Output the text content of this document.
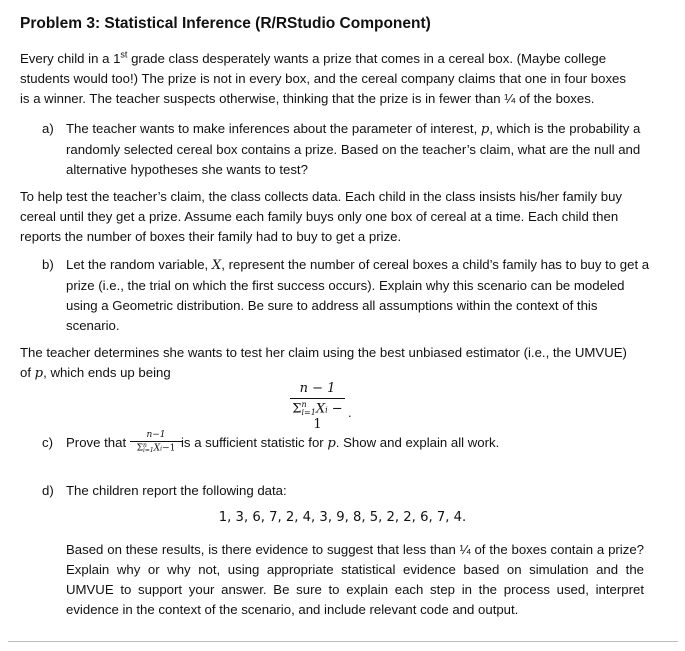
Problem 3: Statistical Inference (R/RStudio Component)
Every child in a 1st grade class desperately wants a prize that comes in a cereal box. (Maybe college
students would too!) The prize is not in every box, and the cereal company claims that one in four boxes
is a winner. The teacher suspects otherwise, thinking that the prize is in fewer than ¼ of the boxes.
a) The teacher wants to make inferences about the parameter of interest, p, which is the probability a randomly selected cereal box contains a prize. Based on the teacher’s claim, what are the null and alternative hypotheses she wants to test?
To help test the teacher’s claim, the class collects data. Each child in the class insists his/her family buy cereal until they get a prize. Assume each family buys only one box of cereal at a time. Each child then reports the number of boxes their family had to buy to get a prize.
b) Let the random variable, X, represent the number of cereal boxes a child’s family has to buy to get a prize (i.e., the trial on which the first success occurs). Explain why this scenario can be modeled using a Geometric distribution. Be sure to address all assumptions within the context of this scenario.
The teacher determines she wants to test her claim using the best unbiased estimator (i.e., the UMVUE)
of p, which ends up being
n − 1
Σn
i=1Xi − 1
.
c) Prove that	n−1
Σn
i=1Xi−1 is a sufficient statistic for p. Show and explain all work.
d) The children report the following data:
1, 3, 6, 7, 2, 4, 3, 9, 8, 5, 2, 2, 6, 7, 4.
Based on these results, is there evidence to suggest that less than ¼ of the boxes contain a prize? Explain why or why not, using appropriate statistical evidence based on simulation and the UMVUE to support your answer. Be sure to explain each step in the process used, interpret evidence in the context of the scenario, and include relevant code and output.
